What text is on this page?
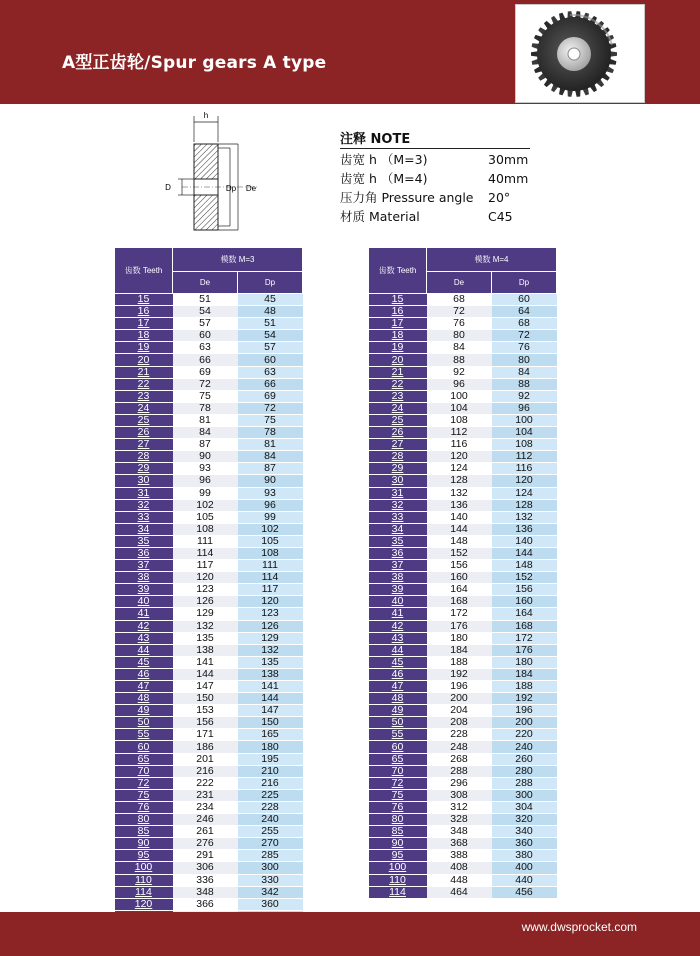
A型正齿轮/Spur gears A type
h
D	Dp De
注释 NOTE
齿宽 h （M=3)	30mm
齿宽 h （M=4)	40mm
压力角 Pressure angle 20°
材质 Material	C45
齿数 Teeth	模数 M=3	
	De	Dp
15	51	45
16	54	48
17	57	51
18	60	54
19	63	57
20	66	60
21	69	63
22	72	66
23	75	69
24	78	72
25	81	75
26	84	78
27	87	81
28	90	84
29	93	87
30	96	90
31	99	93
32	102	96
33	105	99
34	108	102
35	111	105
36	114	108
37	117	111
38	120	114
39	123	117
40	126	120
41	129	123
42	132	126
43	135	129
44	138	132
45	141	135
46	144	138
47	147	141
48	150	144
49	153	147
50	156	150
55	171	165
60	186	180
65	201	195
70	216	210
72	222	216
75	231	225
76	234	228
80	246	240
85	261	255
90	276	270
95	291	285
100	306	300
110	336	330
114	348	342
120	366	360

齿数 Teeth	模数 M=4	
	De	Dp
15	68	60
16	72	64
17	76	68
18	80	72
19	84	76
20	88	80
21	92	84
22	96	88
23	100	92
24	104	96
25	108	100
26	112	104
27	116	108
28	120	112
29	124	116
30	128	120
31	132	124
32	136	128
33	140	132
34	144	136
35	148	140
36	152	144
37	156	148
38	160	152
39	164	156
40	168	160
41	172	164
42	176	168
43	180	172
44	184	176
45	188	180
46	192	184
47	196	188
48	200	192
49	204	196
50	208	200
55	228	220
60	248	240
65	268	260
70	288	280
72	296	288
75	308	300
76	312	304
80	328	320
85	348	340
90	368	360
95	388	380
100	408	400
110	448	440
114	464	456
www.dwsprocket.com
